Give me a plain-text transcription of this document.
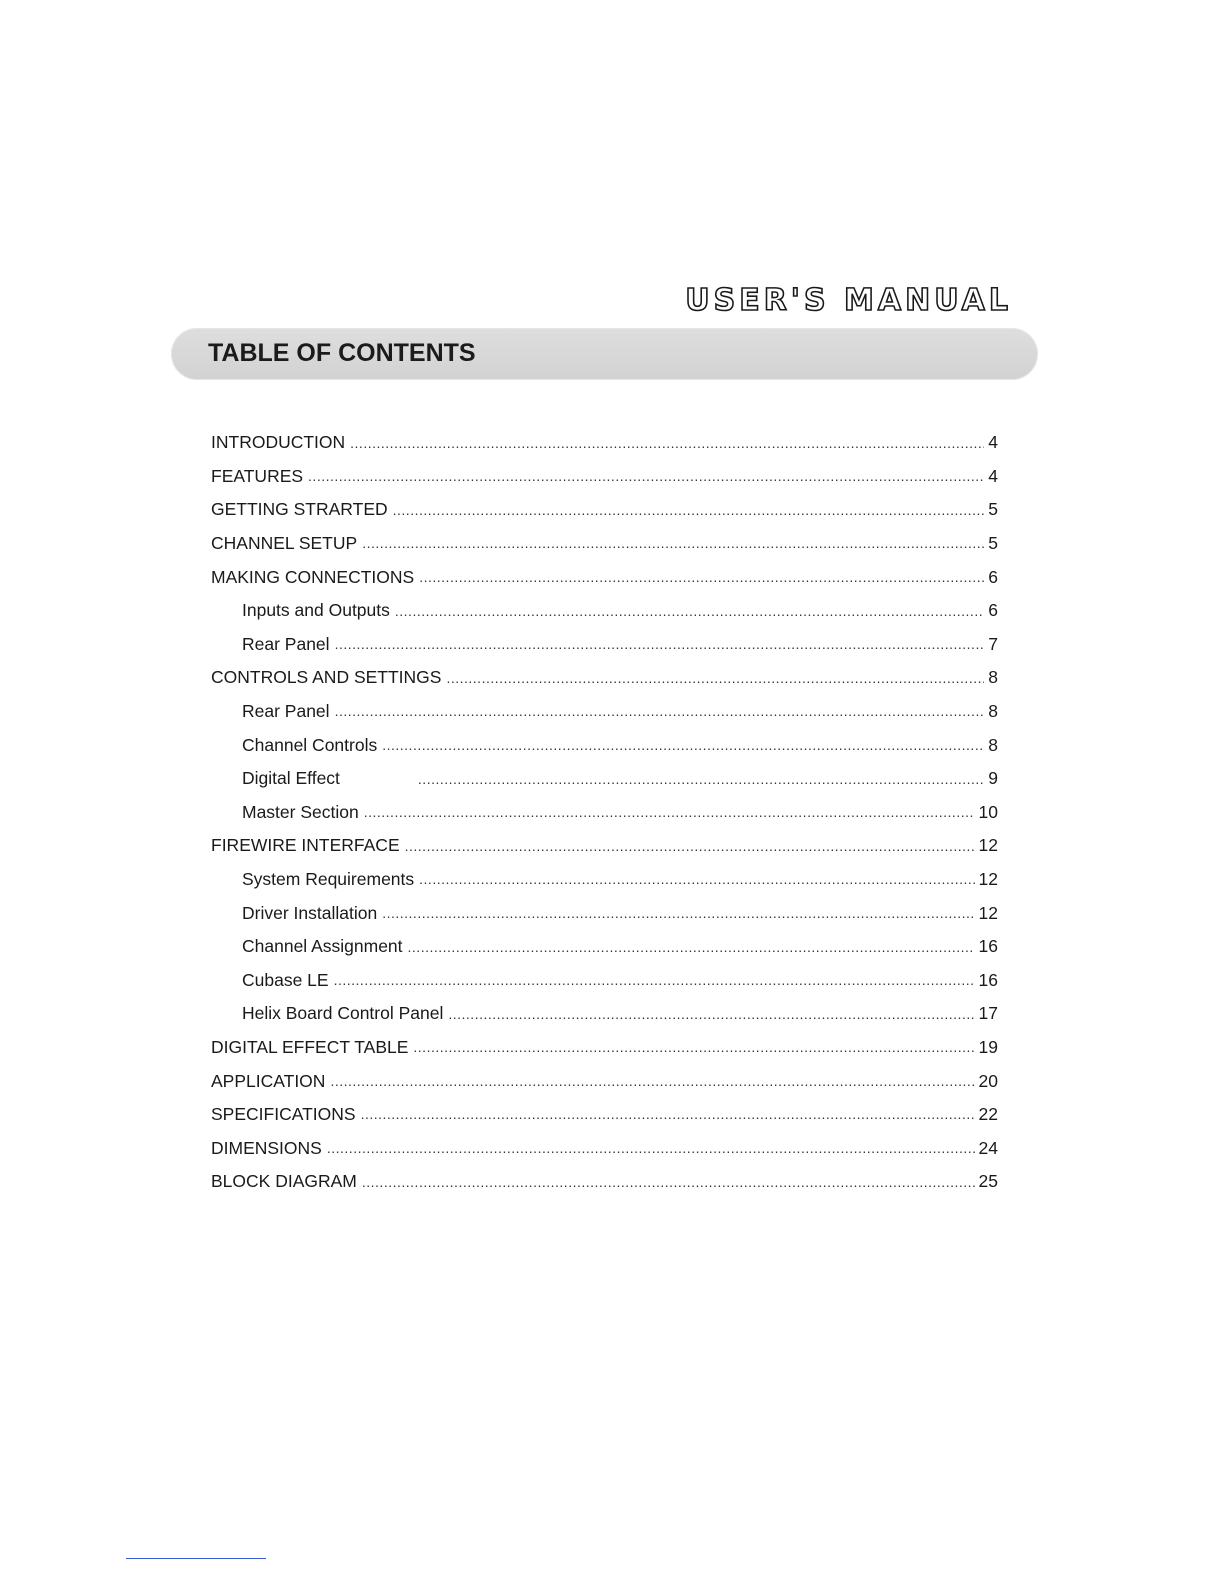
USER'S MANUAL
TABLE OF CONTENTS
INTRODUCTION .....	4
FEATURES .....	4
GETTING STRARTED .....	5
CHANNEL SETUP .....	5
MAKING CONNECTIONS .....	6
Inputs and Outputs .....	6
Rear Panel .....	7
CONTROLS AND SETTINGS .....	8
Rear Panel .....	8
Channel Controls .....	8
Digital Effect .....	9
Master Section .....	10
FIREWIRE INTERFACE .....	12
System Requirements .....	12
Driver Installation .....	12
Channel Assignment .....	16
Cubase LE .....	16
Helix Board Control Panel .....	17
DIGITAL EFFECT TABLE .....	19
APPLICATION .....	20
SPECIFICATIONS .....	22
DIMENSIONS .....	24
BLOCK DIAGRAM .....	25
